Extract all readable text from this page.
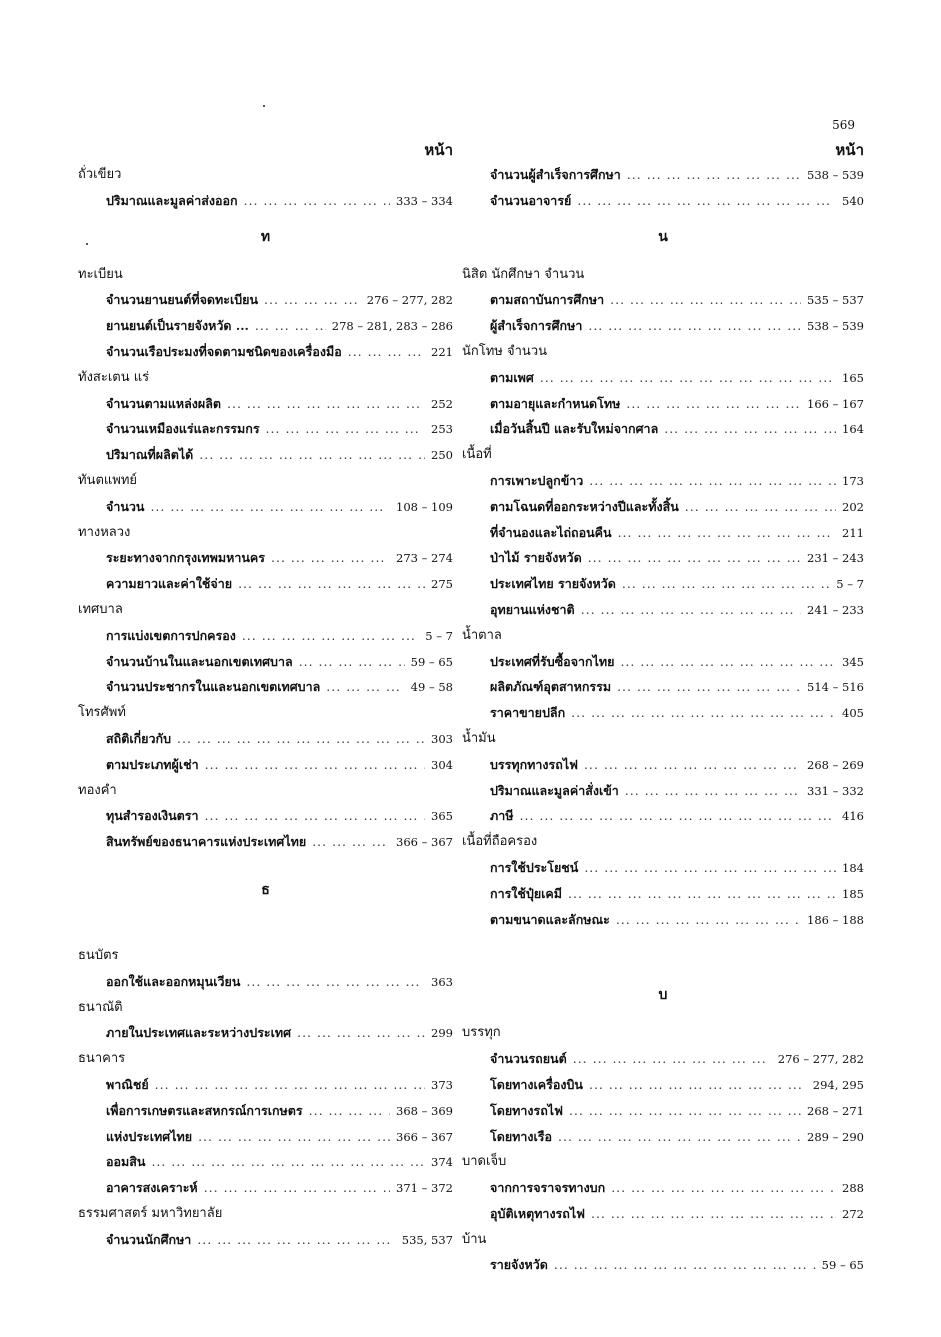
569
หน้า
ถั่วเขียว
ปริมาณและมูลค่าส่งออก ... .	333 – 334
ท
ทะเบียน
จำนวนยานยนต์ที่จดทะเบียน ... .	276 – 277, 282
ยานยนต์เป็นรายจังหวัด ... ... .	278 – 281, 283 – 286
จำนวนเรือประมงที่จดตามชนิดของเครื่องมือ ... .	221
ทังสะเตน แร่
จำนวนตามแหล่งผลิต ... .	252
จำนวนเหมืองแร่และกรรมกร ... .	253
ปริมาณที่ผลิตได้ ... .	250
ทันตแพทย์
จำนวน ... .	108 – 109
ทางหลวง
ระยะทางจากกรุงเทพมหานคร ... .	273 – 274
ความยาวและค่าใช้จ่าย ... .	275
เทศบาล
การแบ่งเขตการปกครอง ... .	5 – 7
จำนวนบ้านในและนอกเขตเทศบาล ... .	59 – 65
จำนวนประชากรในและนอกเขตเทศบาล ... .	49 – 58
โทรศัพท์
สถิติเกี่ยวกับ ... .	303
ตามประเภทผู้เช่า ... .	304
ทองคำ
ทุนสำรองเงินตรา ... .	365
สินทรัพย์ของธนาคารแห่งประเทศไทย ... .	366 – 367
ธ
ธนบัตร
ออกใช้และออกหมุนเวียน ... .	363
ธนาณัติ
ภายในประเทศและระหว่างประเทศ ... .	299
ธนาคาร
พาณิชย์ ... .	373
เพื่อการเกษตรและสหกรณ์การเกษตร ... .	368 – 369
แห่งประเทศไทย ... .	366 – 367
ออมสิน ... .	374
อาคารสงเคราะห์ ... .	371 – 372
ธรรมศาสตร์ มหาวิทยาลัย
จำนวนนักศึกษา ... .	535, 537
หน้า
จำนวนผู้สำเร็จการศึกษา ... .	538 – 539
จำนวนอาจารย์ ... .	540
น
นิสิต นักศึกษา จำนวน
ตามสถาบันการศึกษา ... .	535 – 537
ผู้สำเร็จการศึกษา ... .	538 – 539
นักโทษ จำนวน
ตามเพศ ... .	165
ตามอายุและกำหนดโทษ ... .	166 – 167
เมื่อวันสิ้นปี และรับใหม่จากศาล ... .	164
เนื้อที่
การเพาะปลูกข้าว ... .	173
ตามโฉนดที่ออกระหว่างปีและทั้งสิ้น ... .	202
ที่จำนองและไถ่ถอนคืน ... .	211
ป่าไม้ รายจังหวัด ... .	231 – 243
ประเทศไทย รายจังหวัด ... .	5 – 7
อุทยานแห่งชาติ ... .	241 – 233
น้ำตาล
ประเทศที่รับซื้อจากไทย ... .	345
ผลิตภัณฑ์อุตสาหกรรม ... .	514 – 516
ราคาขายปลีก ... .	405
น้ำมัน
บรรทุกทางรถไฟ ... .	268 – 269
ปริมาณและมูลค่าสั่งเข้า ... .	331 – 332
ภาษี ... .	416
เนื้อที่ถือครอง
การใช้ประโยชน์ ... .	184
การใช้ปุ๋ยเคมี ... .	185
ตามขนาดและลักษณะ ... .	186 – 188
บ
บรรทุก
จำนวนรถยนต์ ... .	276 – 277, 282
โดยทางเครื่องบิน ... .	294, 295
โดยทางรถไฟ ... .	268 – 271
โดยทางเรือ ... .	289 – 290
บาดเจ็บ
จากการจราจรทางบก ... .	288
อุบัติเหตุทางรถไฟ ... .	272
บ้าน
รายจังหวัด ... .	59 – 65
